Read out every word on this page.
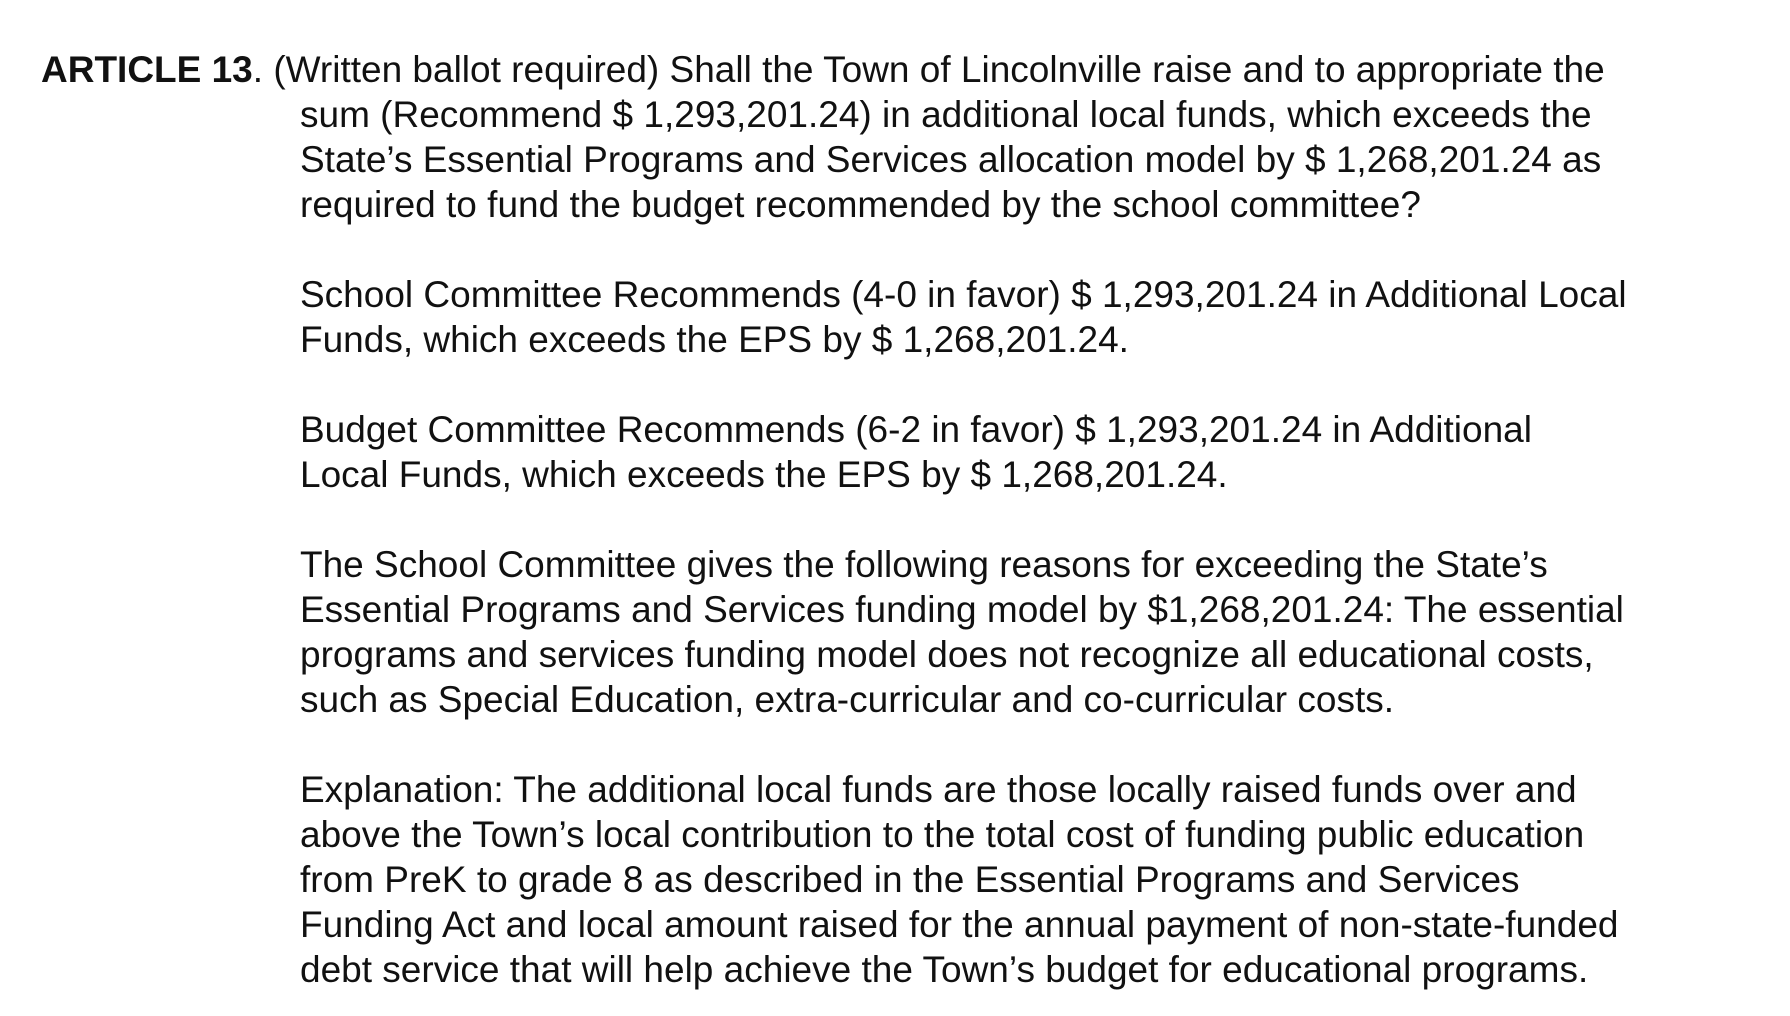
ARTICLE 13. (Written ballot required) Shall the Town of Lincolnville raise and to appropriate the
sum (Recommend $ 1,293,201.24) in additional local funds, which exceeds the
State’s Essential Programs and Services allocation model by $ 1,268,201.24 as
required to fund the budget recommended by the school committee?
School Committee Recommends (4-0 in favor) $ 1,293,201.24 in Additional Local
Funds, which exceeds the EPS by $ 1,268,201.24.
Budget Committee Recommends (6-2 in favor) $ 1,293,201.24 in Additional
Local Funds, which exceeds the EPS by $ 1,268,201.24.
The School Committee gives the following reasons for exceeding the State’s
Essential Programs and Services funding model by $1,268,201.24: The essential
programs and services funding model does not recognize all educational costs,
such as Special Education, extra-curricular and co-curricular costs.
Explanation: The additional local funds are those locally raised funds over and
above the Town’s local contribution to the total cost of funding public education
from PreK to grade 8 as described in the Essential Programs and Services
Funding Act and local amount raised for the annual payment of non-state-funded
debt service that will help achieve the Town’s budget for educational programs.
